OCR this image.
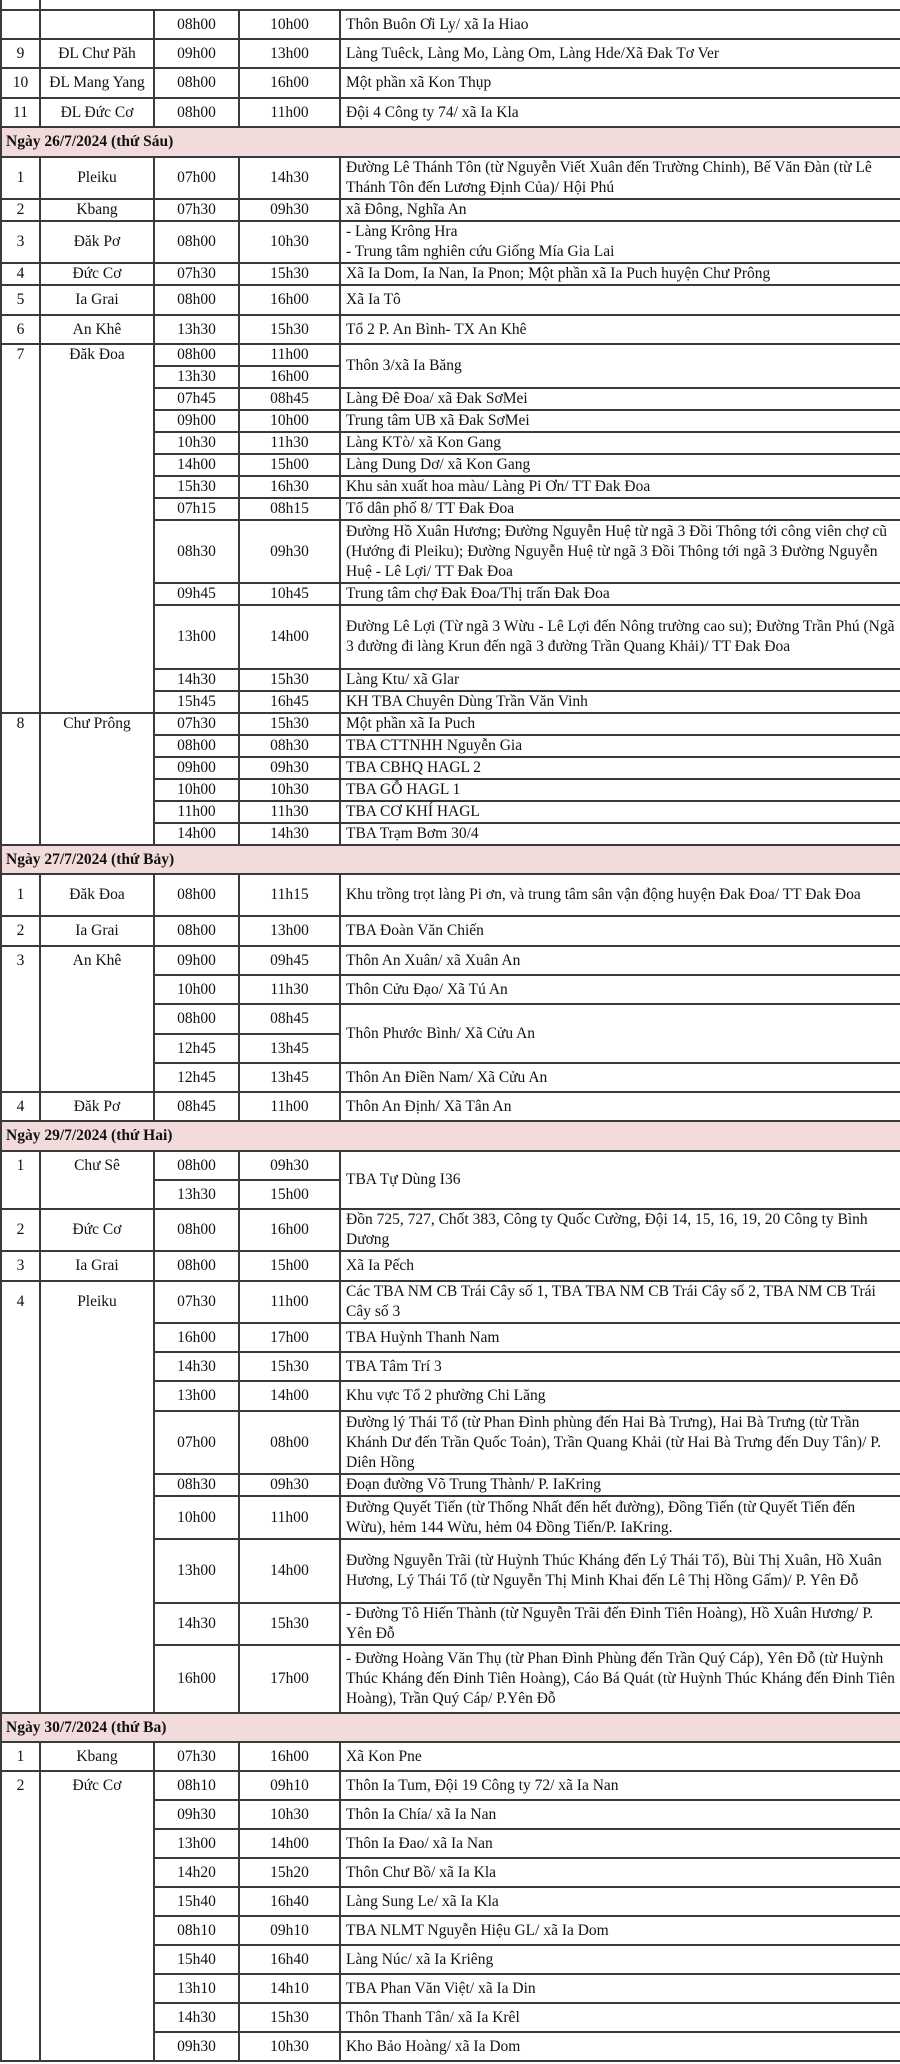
		08h00	10h00	Thôn Buôn Ơi Ly/ xã Ia Hiao

9	ĐL Chư Păh	09h00	13h00	Làng Tuêck, Làng Mo, Làng Om, Làng Hde/Xã Đak Tơ Ver

10	ĐL Mang Yang	08h00	16h00	Một phần xã Kon Thụp

11	ĐL Đức Cơ	08h00	11h00	Đội 4 Công ty 74/ xã Ia Kla

Ngày 26/7/2024 (thứ Sáu)				
1	Pleiku	07h00	14h30	Đường Lê Thánh Tôn (từ Nguyễn Viết Xuân đến Trường Chinh), Bế Văn Đàn (từ Lê Thánh Tôn đến Lương Định Của)/ Hội Phú

2	Kbang	07h30	09h30	xã Đông, Nghĩa An

3	Đăk Pơ	08h00	10h30	- Làng Krông Hra
- Trung tâm nghiên cứu Giống Mía Gia Lai

4	Đức Cơ	07h30	15h30	Xã Ia Dom, Ia Nan, Ia Pnon; Một phần xã Ia Puch huyện Chư Prông

5	Ia Grai	08h00	16h00	Xã Ia Tô

6	An Khê	13h30	15h30	Tổ 2 P. An Bình- TX An Khê

7	Đăk Đoa	08h00	11h00	Thôn 3/xã Ia Băng

		13h30	16h00	
		07h45	08h45	Làng Đê Đoa/ xã Đak SơMei

		09h00	10h00	Trung tâm UB xã Đak SơMei

		10h30	11h30	Làng KTò/ xã Kon Gang

		14h00	15h00	Làng Dung Dơ/ xã Kon Gang

		15h30	16h30	Khu sản xuất hoa màu/ Làng Pi Ơn/ TT Đak Đoa

		07h15	08h15	Tổ dân phố 8/ TT Đak Đoa

		08h30	09h30	Đường Hồ Xuân Hương; Đường Nguyễn Huệ từ ngã 3 Đồi Thông tới công viên chợ cũ (Hướng đi Pleiku); Đường Nguyễn Huệ từ ngã 3 Đồi Thông tới ngã 3 Đường Nguyễn Huệ - Lê Lợi/ TT Đak Đoa

		09h45	10h45	Trung tâm chợ Đak Đoa/Thị trấn Đak Đoa

		13h00	14h00	Đường Lê Lợi (Từ ngã 3 Wừu - Lê Lợi đến Nông trường cao su); Đường Trần Phú (Ngã 3 đường đi làng Krun đến ngã 3 đường Trần Quang Khải)/ TT Đak Đoa

		14h30	15h30	Làng Ktu/ xã Glar

		15h45	16h45	KH TBA Chuyên Dùng Trần Văn Vinh

8	Chư Prông	07h30	15h30	Một phần xã Ia Puch

		08h00	08h30	TBA CTTNHH Nguyễn Gia

		09h00	09h30	TBA CBHQ HAGL 2

		10h00	10h30	TBA GỖ HAGL 1

		11h00	11h30	TBA CƠ KHÍ HAGL

		14h00	14h30	TBA Trạm Bơm 30/4

Ngày 27/7/2024 (thứ Bảy)				
1	Đăk Đoa	08h00	11h15	Khu trồng trọt làng Pi ơn, và trung tâm sân vận động huyện Đak Đoa/ TT Đak Đoa

2	Ia Grai	08h00	13h00	TBA Đoàn Văn Chiến

3	An Khê	09h00	09h45	Thôn An Xuân/ xã Xuân An

		10h00	11h30	Thôn Cửu Đạo/ Xã Tú An

		08h00	08h45	Thôn Phước Bình/ Xã Cửu An

		12h45	13h45	
		12h45	13h45	Thôn An Điền Nam/ Xã Cửu An

4	Đăk Pơ	08h45	11h00	Thôn An Định/ Xã Tân An

Ngày 29/7/2024 (thứ Hai)				
1	Chư Sê	08h00	09h30	TBA Tự Dùng I36

		13h30	15h00	
2	Đức Cơ	08h00	16h00	Đồn 725, 727, Chốt 383, Công ty Quốc Cường, Đội 14, 15, 16, 19, 20 Công ty Bình Dương

3	Ia Grai	08h00	15h00	Xã Ia Pếch

4	Pleiku	07h30	11h00	Các TBA NM CB Trái Cây số 1, TBA TBA NM CB Trái Cây số 2, TBA NM CB Trái Cây số 3

		16h00	17h00	TBA Huỳnh Thanh Nam

		14h30	15h30	TBA Tâm Trí 3

		13h00	14h00	Khu vực Tổ 2 phường Chi Lăng

		07h00	08h00	Đường lý Thái Tổ (từ Phan Đình phùng đến Hai Bà Trưng), Hai Bà Trưng (từ Trần Khánh Dư đến Trần Quốc Toản), Trần Quang Khải (từ Hai Bà Trưng đến Duy Tân)/ P. Diên Hồng

		08h30	09h30	Đoạn đường Võ Trung Thành/ P. IaKring

		10h00	11h00	Đường Quyết Tiến (từ Thống Nhất đến hết đường), Đồng Tiến (từ Quyết Tiến đến Wừu), hẻm 144 Wừu, hẻm 04 Đồng Tiến/P. IaKring.

		13h00	14h00	Đường Nguyễn Trãi (từ Huỳnh Thúc Kháng đến Lý Thái Tổ), Bùi Thị Xuân, Hồ Xuân Hương, Lý Thái Tổ (từ Nguyễn Thị Minh Khai đến Lê Thị Hồng Gấm)/ P. Yên Đỗ

		14h30	15h30	- Đường Tô Hiến Thành (từ Nguyễn Trãi đến Đinh Tiên Hoàng), Hồ Xuân Hương/ P. Yên Đỗ

		16h00	17h00	- Đường Hoàng Văn Thụ (từ Phan Đình Phùng đến Trần Quý Cáp), Yên Đỗ (từ Huỳnh Thúc Kháng đến Đinh Tiên Hoàng), Cáo Bá Quát (từ Huỳnh Thúc Kháng đến Đinh Tiên Hoàng), Trần Quý Cáp/ P.Yên Đỗ

Ngày 30/7/2024 (thứ Ba)				
1	Kbang	07h30	16h00	Xã Kon Pne

2	Đức Cơ	08h10	09h10	Thôn Ia Tum, Đội 19 Công ty 72/ xã Ia Nan

		09h30	10h30	Thôn Ia Chía/ xã Ia Nan

		13h00	14h00	Thôn Ia Đao/ xã Ia Nan

		14h20	15h20	Thôn Chư Bồ/ xã Ia Kla

		15h40	16h40	Làng Sung Le/ xã Ia Kla

		08h10	09h10	TBA NLMT Nguyễn Hiệu GL/ xã Ia Dom

		15h40	16h40	Làng Núc/ xã Ia Kriêng

		13h10	14h10	TBA Phan Văn Việt/ xã Ia Din

		14h30	15h30	Thôn Thanh Tân/ xã Ia Krêl

		09h30	10h30	Kho Bảo Hoàng/ xã Ia Dom
